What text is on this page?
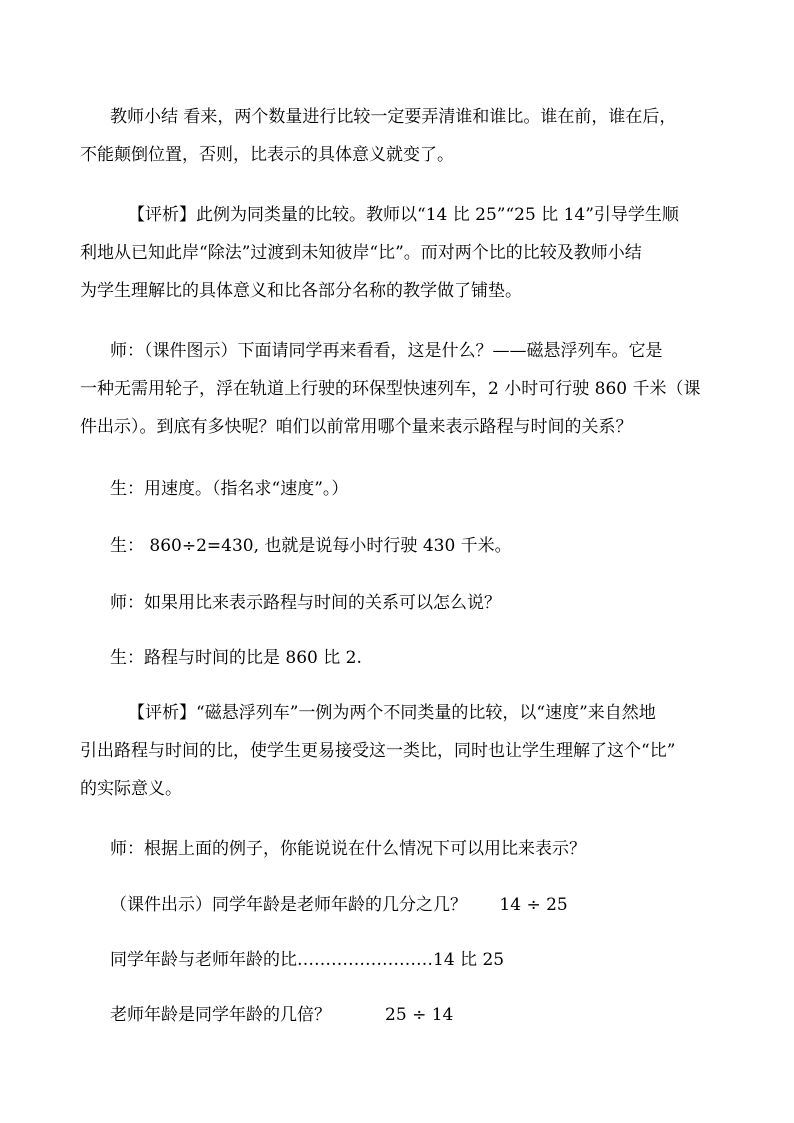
教师小结 看来，两个数量进行比较一定要弄清谁和谁比。谁在前，谁在后，
不能颠倒位置，否则，比表示的具体意义就变了。

【评析】此例为同类量的比较。教师以“14 比 25”“25 比 14”引导学生顺
利地从已知此岸“除法”过渡到未知彼岸“比”。而对两个比的比较及教师小结
为学生理解比的具体意义和比各部分名称的教学做了铺垫。

师：（课件图示）下面请同学再来看看，这是什么？——磁悬浮列车。它是
一种无需用轮子，浮在轨道上行驶的环保型快速列车，2 小时可行驶 860 千米（课
件出示）。到底有多快呢？咱们以前常用哪个量来表示路程与时间的关系？

生：用速度。（指名求“速度”。）

生： 860÷2=430, 也就是说每小时行驶 430 千米。

师：如果用比来表示路程与时间的关系可以怎么说？

生：路程与时间的比是 860 比 2.

【评析】“磁悬浮列车”一例为两个不同类量的比较，以“速度”来自然地
引出路程与时间的比，使学生更易接受这一类比，同时也让学生理解了这个“比”
的实际意义。

师：根据上面的例子，你能说说在什么情况下可以用比来表示？

（课件出示）同学年龄是老师年龄的几分之几？      14 ÷ 25

同学年龄与老师年龄的比……………………14 比 25

老师年龄是同学年龄的几倍？          25 ÷ 14
